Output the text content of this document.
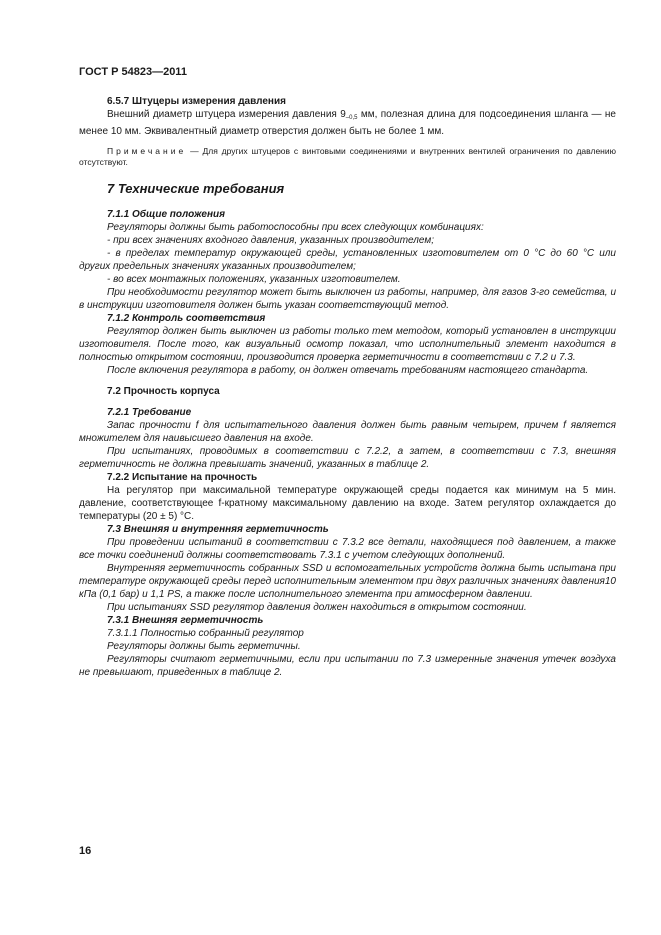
ГОСТ Р 54823—2011

6.5.7 Штуцеры измерения давления

Внешний диаметр штуцера измерения давления $9_{-0,5}$ мм, полезная длина для подсоединения шланга — не менее 10 мм. Эквивалентный диаметр отверстия должен быть не более 1 мм.

Примечание — Для других штуцеров с винтовыми соединениями и внутренних вентилей ограничения по давлению отсутствуют.

7 Технические требования

7.1.1 Общие положения

Регуляторы должны быть работоспособны при всех следующих комбинациях:

- при всех значениях входного давления, указанных производителем;

- в пределах температур окружающей среды, установленных изготовителем от 0 °С до 60 °С или других предельных значениях указанных производителем;

- во всех монтажных положениях, указанных изготовителем.

При необходимости регулятор может быть выключен из работы, например, для газов 3-го семейства, и в инструкции изготовителя должен быть указан соответствующий метод.

7.1.2 Контроль соответствия

Регулятор должен быть выключен из работы только тем методом, который установлен в инструкции изготовителя. После того, как визуальный осмотр показал, что исполнительный элемент находится в полностью открытом состоянии, производится проверка герметичности в соответствии с 7.2 и 7.3.

После включения регулятора в работу, он должен отвечать требованиям настоящего стандарта.

7.2 Прочность корпуса

7.2.1 Требование

Запас прочности f для испытательного давления должен быть равным четырем, причем f является множителем для наивысшего давления на входе.

При испытаниях, проводимых в соответствии с 7.2.2, а затем, в соответствии с 7.3, внешняя герметичность не должна превышать значений, указанных в таблице 2.

7.2.2 Испытание на прочность

На регулятор при максимальной температуре окружающей среды подается как минимум на 5 мин. давление, соответствующее f-кратному максимальному давлению на входе. Затем регулятор охлаждается до температуры (20 ± 5) °С.

7.3 Внешняя и внутренняя герметичность

При проведении испытаний в соответствии с 7.3.2 все детали, находящиеся под давлением, а также все точки соединений должны соответствовать 7.3.1 с учетом следующих дополнений.

Внутренняя герметичность собранных SSD и вспомогательных устройств должна быть испытана при температуре окружающей среды перед исполнительным элементом при двух различных значениях давления10 кПа (0,1 бар) и 1,1 PS, а также после исполнительного элемента при атмосферном давлении.

При испытаниях SSD регулятор давления должен находиться в открытом состоянии.

7.3.1 Внешняя герметичность

7.3.1.1 Полностью собранный регулятор

Регуляторы должны быть герметичны.

Регуляторы считают герметичными, если при испытании по 7.3 измеренные значения утечек воздуха не превышают, приведенных в таблице 2.

16
